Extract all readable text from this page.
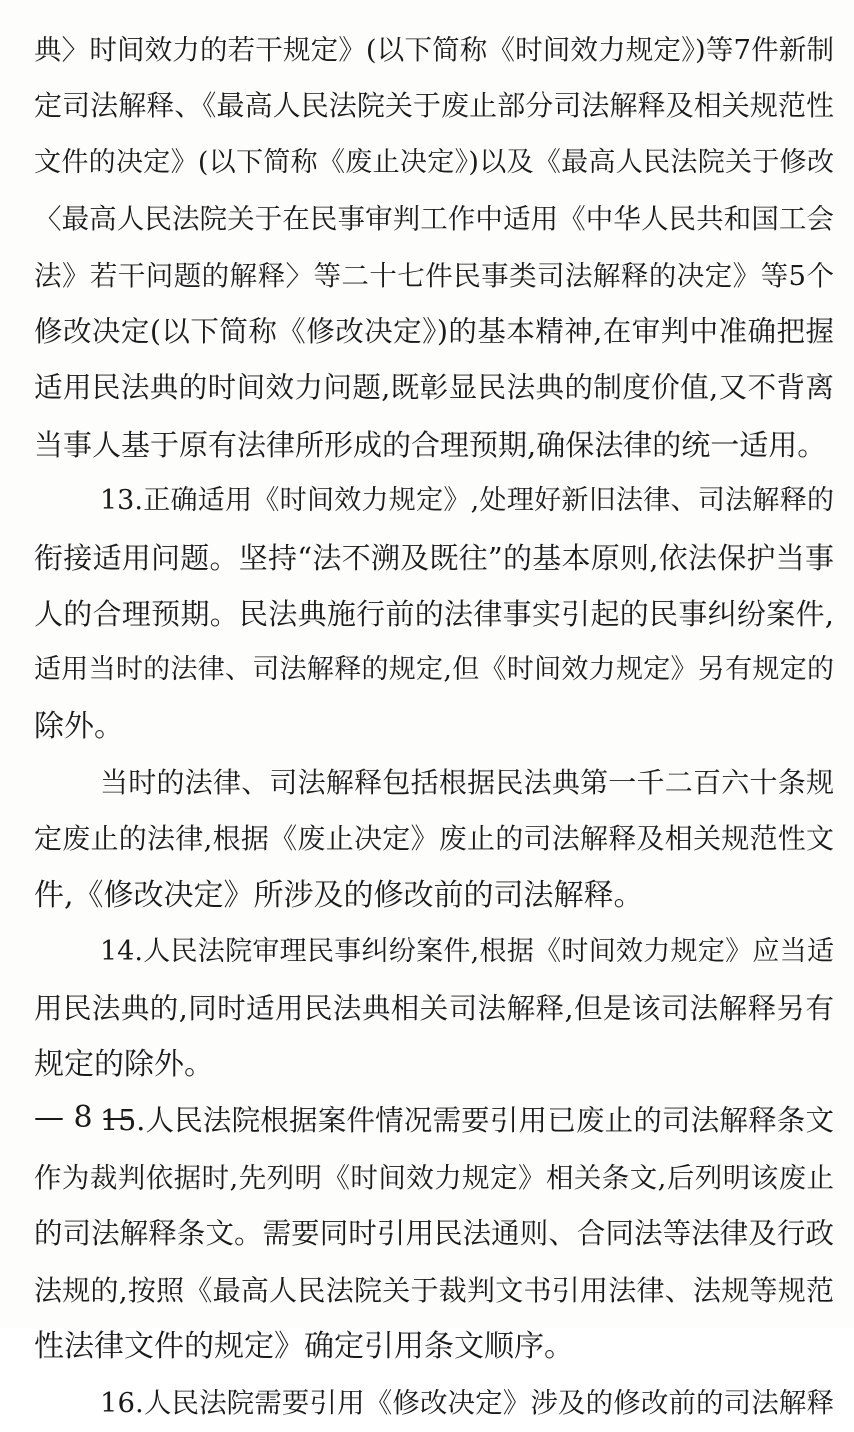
典〉时间效力的若干规定》(以下简称《时间效力规定》)等7件新制
定司法解释、《最高人民法院关于废止部分司法解释及相关规范性
文件的决定》(以下简称《废止决定》)以及《最高人民法院关于修改
〈最高人民法院关于在民事审判工作中适用《中华人民共和国工会
法》若干问题的解释〉等二十七件民事类司法解释的决定》等5个
修改决定(以下简称《修改决定》)的基本精神,在审判中准确把握
适用民法典的时间效力问题,既彰显民法典的制度价值,又不背离
当事人基于原有法律所形成的合理预期,确保法律的统一适用。
13.正确适用《时间效力规定》,处理好新旧法律、司法解释的
衔接适用问题。坚持“法不溯及既往”的基本原则,依法保护当事
人的合理预期。民法典施行前的法律事实引起的民事纠纷案件,
适用当时的法律、司法解释的规定,但《时间效力规定》另有规定的
除外。
当时的法律、司法解释包括根据民法典第一千二百六十条规
定废止的法律,根据《废止决定》废止的司法解释及相关规范性文
件,《修改决定》所涉及的修改前的司法解释。
14.人民法院审理民事纠纷案件,根据《时间效力规定》应当适
用民法典的,同时适用民法典相关司法解释,但是该司法解释另有
规定的除外。
15.人民法院根据案件情况需要引用已废止的司法解释条文
作为裁判依据时,先列明《时间效力规定》相关条文,后列明该废止
的司法解释条文。需要同时引用民法通则、合同法等法律及行政
法规的,按照《最高人民法院关于裁判文书引用法律、法规等规范
性法律文件的规定》确定引用条文顺序。
16.人民法院需要引用《修改决定》涉及的修改前的司法解释
— 8 —
